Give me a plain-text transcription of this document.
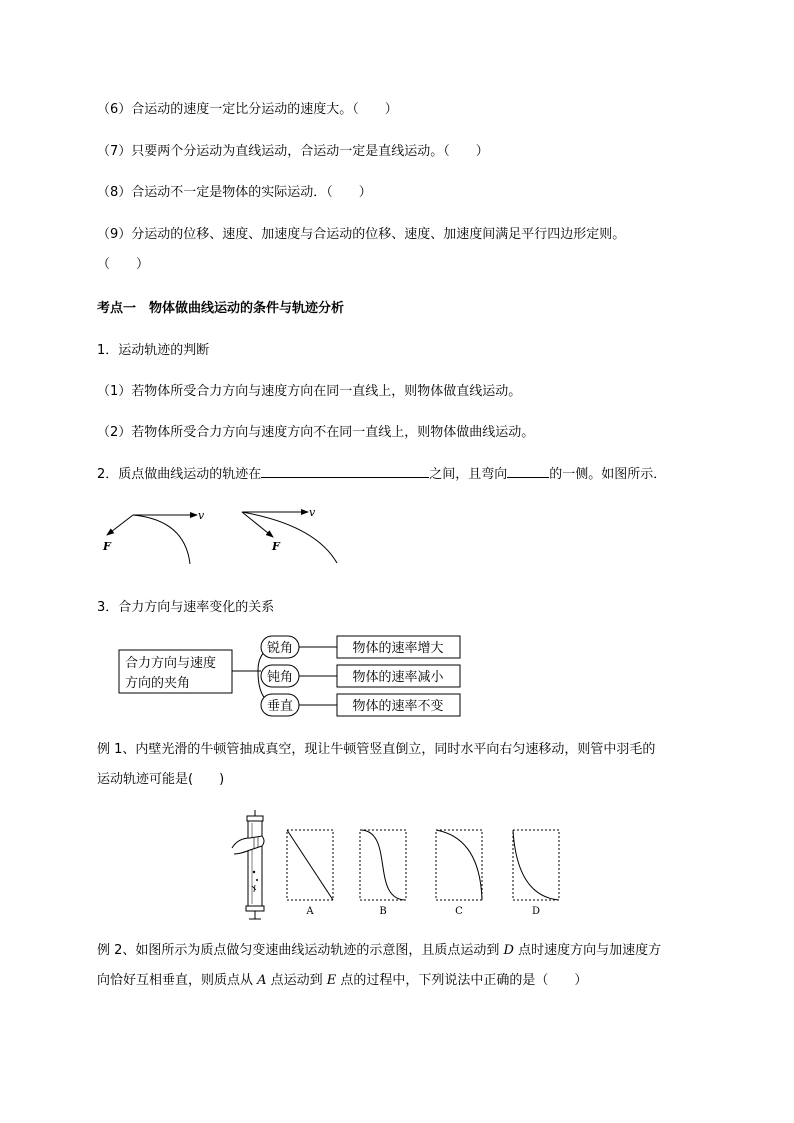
（6）合运动的速度一定比分运动的速度大。（　　）
（7）只要两个分运动为直线运动，合运动一定是直线运动。（　　）
（8）合运动不一定是物体的实际运动．（　　）
（9）分运动的位移、速度、加速度与合运动的位移、速度、加速度间满足平行四边形定则。
（　　）
考点一　物体做曲线运动的条件与轨迹分析
1．运动轨迹的判断
（1）若物体所受合力方向与速度方向在同一直线上，则物体做直线运动。
（2）若物体所受合力方向与速度方向不在同一直线上，则物体做曲线运动。
2．质点做曲线运动的轨迹在	之间，且弯向	的一侧。如图所示．
v
F
v
F
3．合力方向与速率变化的关系
合力方向与速度
方向的夹角
锐角	物体的速率增大
钝角	物体的速率减小
垂直	物体的速率不变
例 1、内壁光滑的牛顿管抽成真空，现让牛顿管竖直倒立，同时水平向右匀速移动，则管中羽毛的
运动轨迹可能是(　　)
A	B	C	D
例 2、如图所示为质点做匀变速曲线运动轨迹的示意图，且质点运动到 D 点时速度方向与加速度方
向恰好互相垂直，则质点从 A 点运动到 E 点的过程中，下列说法中正确的是（　　）
